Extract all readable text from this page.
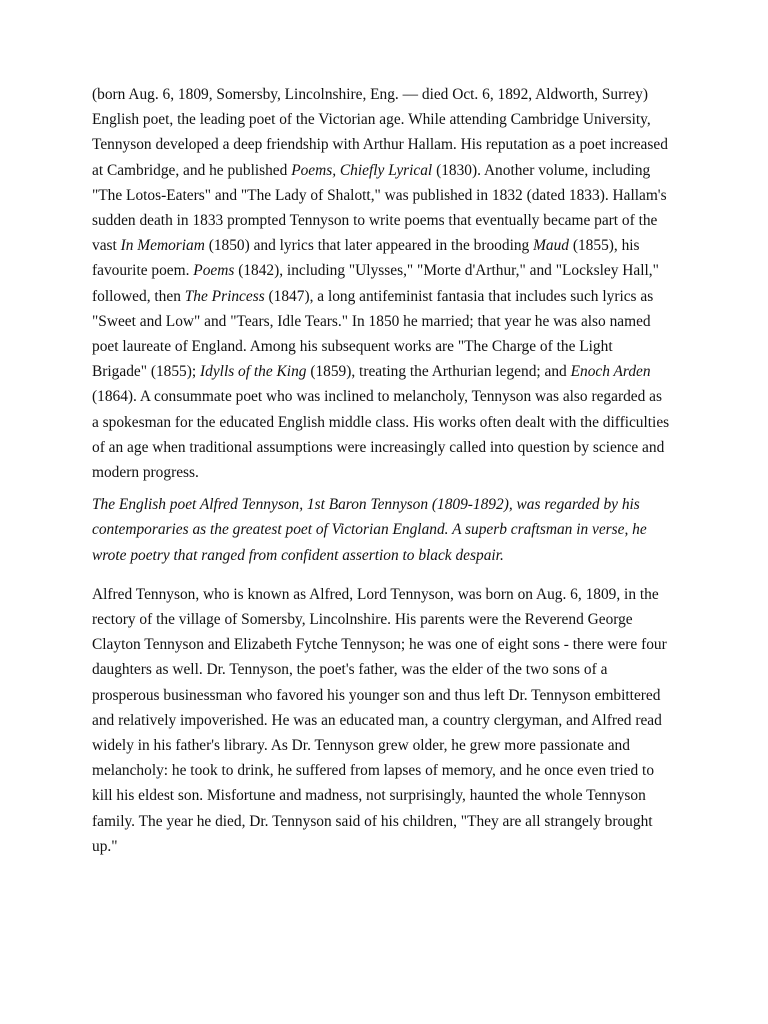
(born Aug. 6, 1809, Somersby, Lincolnshire, Eng. — died Oct. 6, 1892, Aldworth, Surrey)
English poet, the leading poet of the Victorian age. While attending Cambridge University,
Tennyson developed a deep friendship with Arthur Hallam. His reputation as a poet increased
at Cambridge, and he published Poems, Chiefly Lyrical (1830). Another volume, including
"The Lotos-Eaters" and "The Lady of Shalott," was published in 1832 (dated 1833). Hallam's
sudden death in 1833 prompted Tennyson to write poems that eventually became part of the
vast In Memoriam (1850) and lyrics that later appeared in the brooding Maud (1855), his
favourite poem. Poems (1842), including "Ulysses," "Morte d'Arthur," and "Locksley Hall,"
followed, then The Princess (1847), a long antifeminist fantasia that includes such lyrics as
"Sweet and Low" and "Tears, Idle Tears." In 1850 he married; that year he was also named
poet laureate of England. Among his subsequent works are "The Charge of the Light
Brigade" (1855); Idylls of the King (1859), treating the Arthurian legend; and Enoch Arden
(1864). A consummate poet who was inclined to melancholy, Tennyson was also regarded as
a spokesman for the educated English middle class. His works often dealt with the difficulties
of an age when traditional assumptions were increasingly called into question by science and
modern progress.

The English poet Alfred Tennyson, 1st Baron Tennyson (1809-1892), was regarded by his
contemporaries as the greatest poet of Victorian England. A superb craftsman in verse, he
wrote poetry that ranged from confident assertion to black despair.

Alfred Tennyson, who is known as Alfred, Lord Tennyson, was born on Aug. 6, 1809, in the
rectory of the village of Somersby, Lincolnshire. His parents were the Reverend George
Clayton Tennyson and Elizabeth Fytche Tennyson; he was one of eight sons - there were four
daughters as well. Dr. Tennyson, the poet's father, was the elder of the two sons of a
prosperous businessman who favored his younger son and thus left Dr. Tennyson embittered
and relatively impoverished. He was an educated man, a country clergyman, and Alfred read
widely in his father's library. As Dr. Tennyson grew older, he grew more passionate and
melancholy: he took to drink, he suffered from lapses of memory, and he once even tried to
kill his eldest son. Misfortune and madness, not surprisingly, haunted the whole Tennyson
family. The year he died, Dr. Tennyson said of his children, "They are all strangely brought
up."
